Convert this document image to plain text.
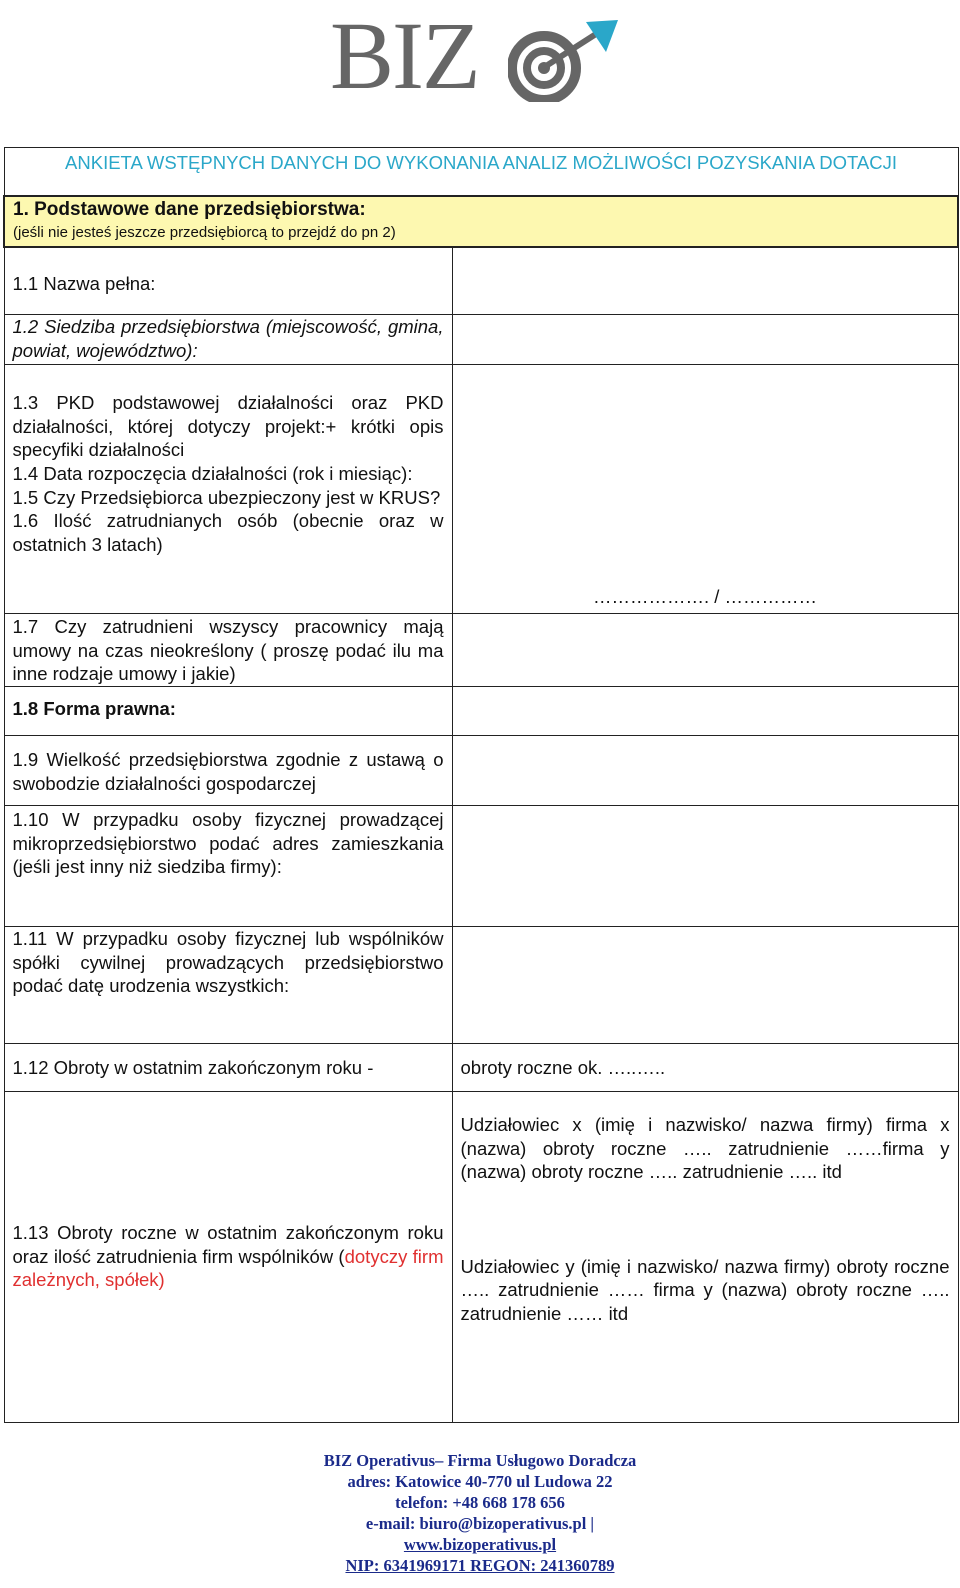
BIZ
ANKIETA WSTĘPNYCH DANYCH DO WYKONANIA ANALIZ MOŻLIWOŚCI POZYSKANIA DOTACJI	

1. Podstawowe dane przedsiębiorstwa:
(jeśli nie jesteś jeszcze przedsiębiorcą to przejdź do pn 2)	

1.1 Nazwa pełna:	
1.2 Siedziba przedsiębiorstwa (miejscowość, gmina, powiat, województwo):	

1.3 PKD podstawowej działalności oraz PKD działalności, której dotyczy projekt:+ krótki opis specyfiki działalności
1.4 Data rozpoczęcia działalności (rok i miesiąc):
1.5 Czy Przedsiębiorca ubezpieczony jest w KRUS?
1.6 Ilość zatrudnianych osób (obecnie oraz w ostatnich 3 latach)	………………. / ……………
1.7 Czy zatrudnieni wszyscy pracownicy mają umowy na czas nieokreślony ( proszę podać ilu ma inne rodzaje umowy i jakie)	
1.8 Forma prawna:	
1.9 Wielkość przedsiębiorstwa zgodnie z ustawą o swobodzie działalności gospodarczej	
1.10 W przypadku osoby fizycznej prowadzącej mikroprzedsiębiorstwo podać adres zamieszkania (jeśli jest inny niż siedziba firmy):	
1.11 W przypadku osoby fizycznej lub wspólników spółki cywilnej prowadzących przedsiębiorstwo podać datę urodzenia wszystkich:	
1.12 Obroty w ostatnim zakończonym roku -	obroty roczne ok. …..…..
1.13 Obroty roczne w ostatnim zakończonym roku oraz ilość zatrudnienia firm wspólników (dotyczy firm zależnych, spółek)	Udziałowiec x (imię i nazwisko/ nazwa firmy) firma x (nazwa) obroty roczne ….. zatrudnienie ……firma y (nazwa) obroty roczne ….. zatrudnienie ….. itd
Udziałowiec y (imię i nazwisko/ nazwa firmy) obroty roczne ….. zatrudnienie …… firma y (nazwa) obroty roczne ….. zatrudnienie …… itd
BIZ Operativus– Firma Usługowo Doradcza
adres: Katowice 40-770 ul Ludowa 22
telefon: +48 668 178 656
e-mail: biuro@bizoperativus.pl |
www.bizoperativus.pl
NIP: 6341969171 REGON: 241360789
